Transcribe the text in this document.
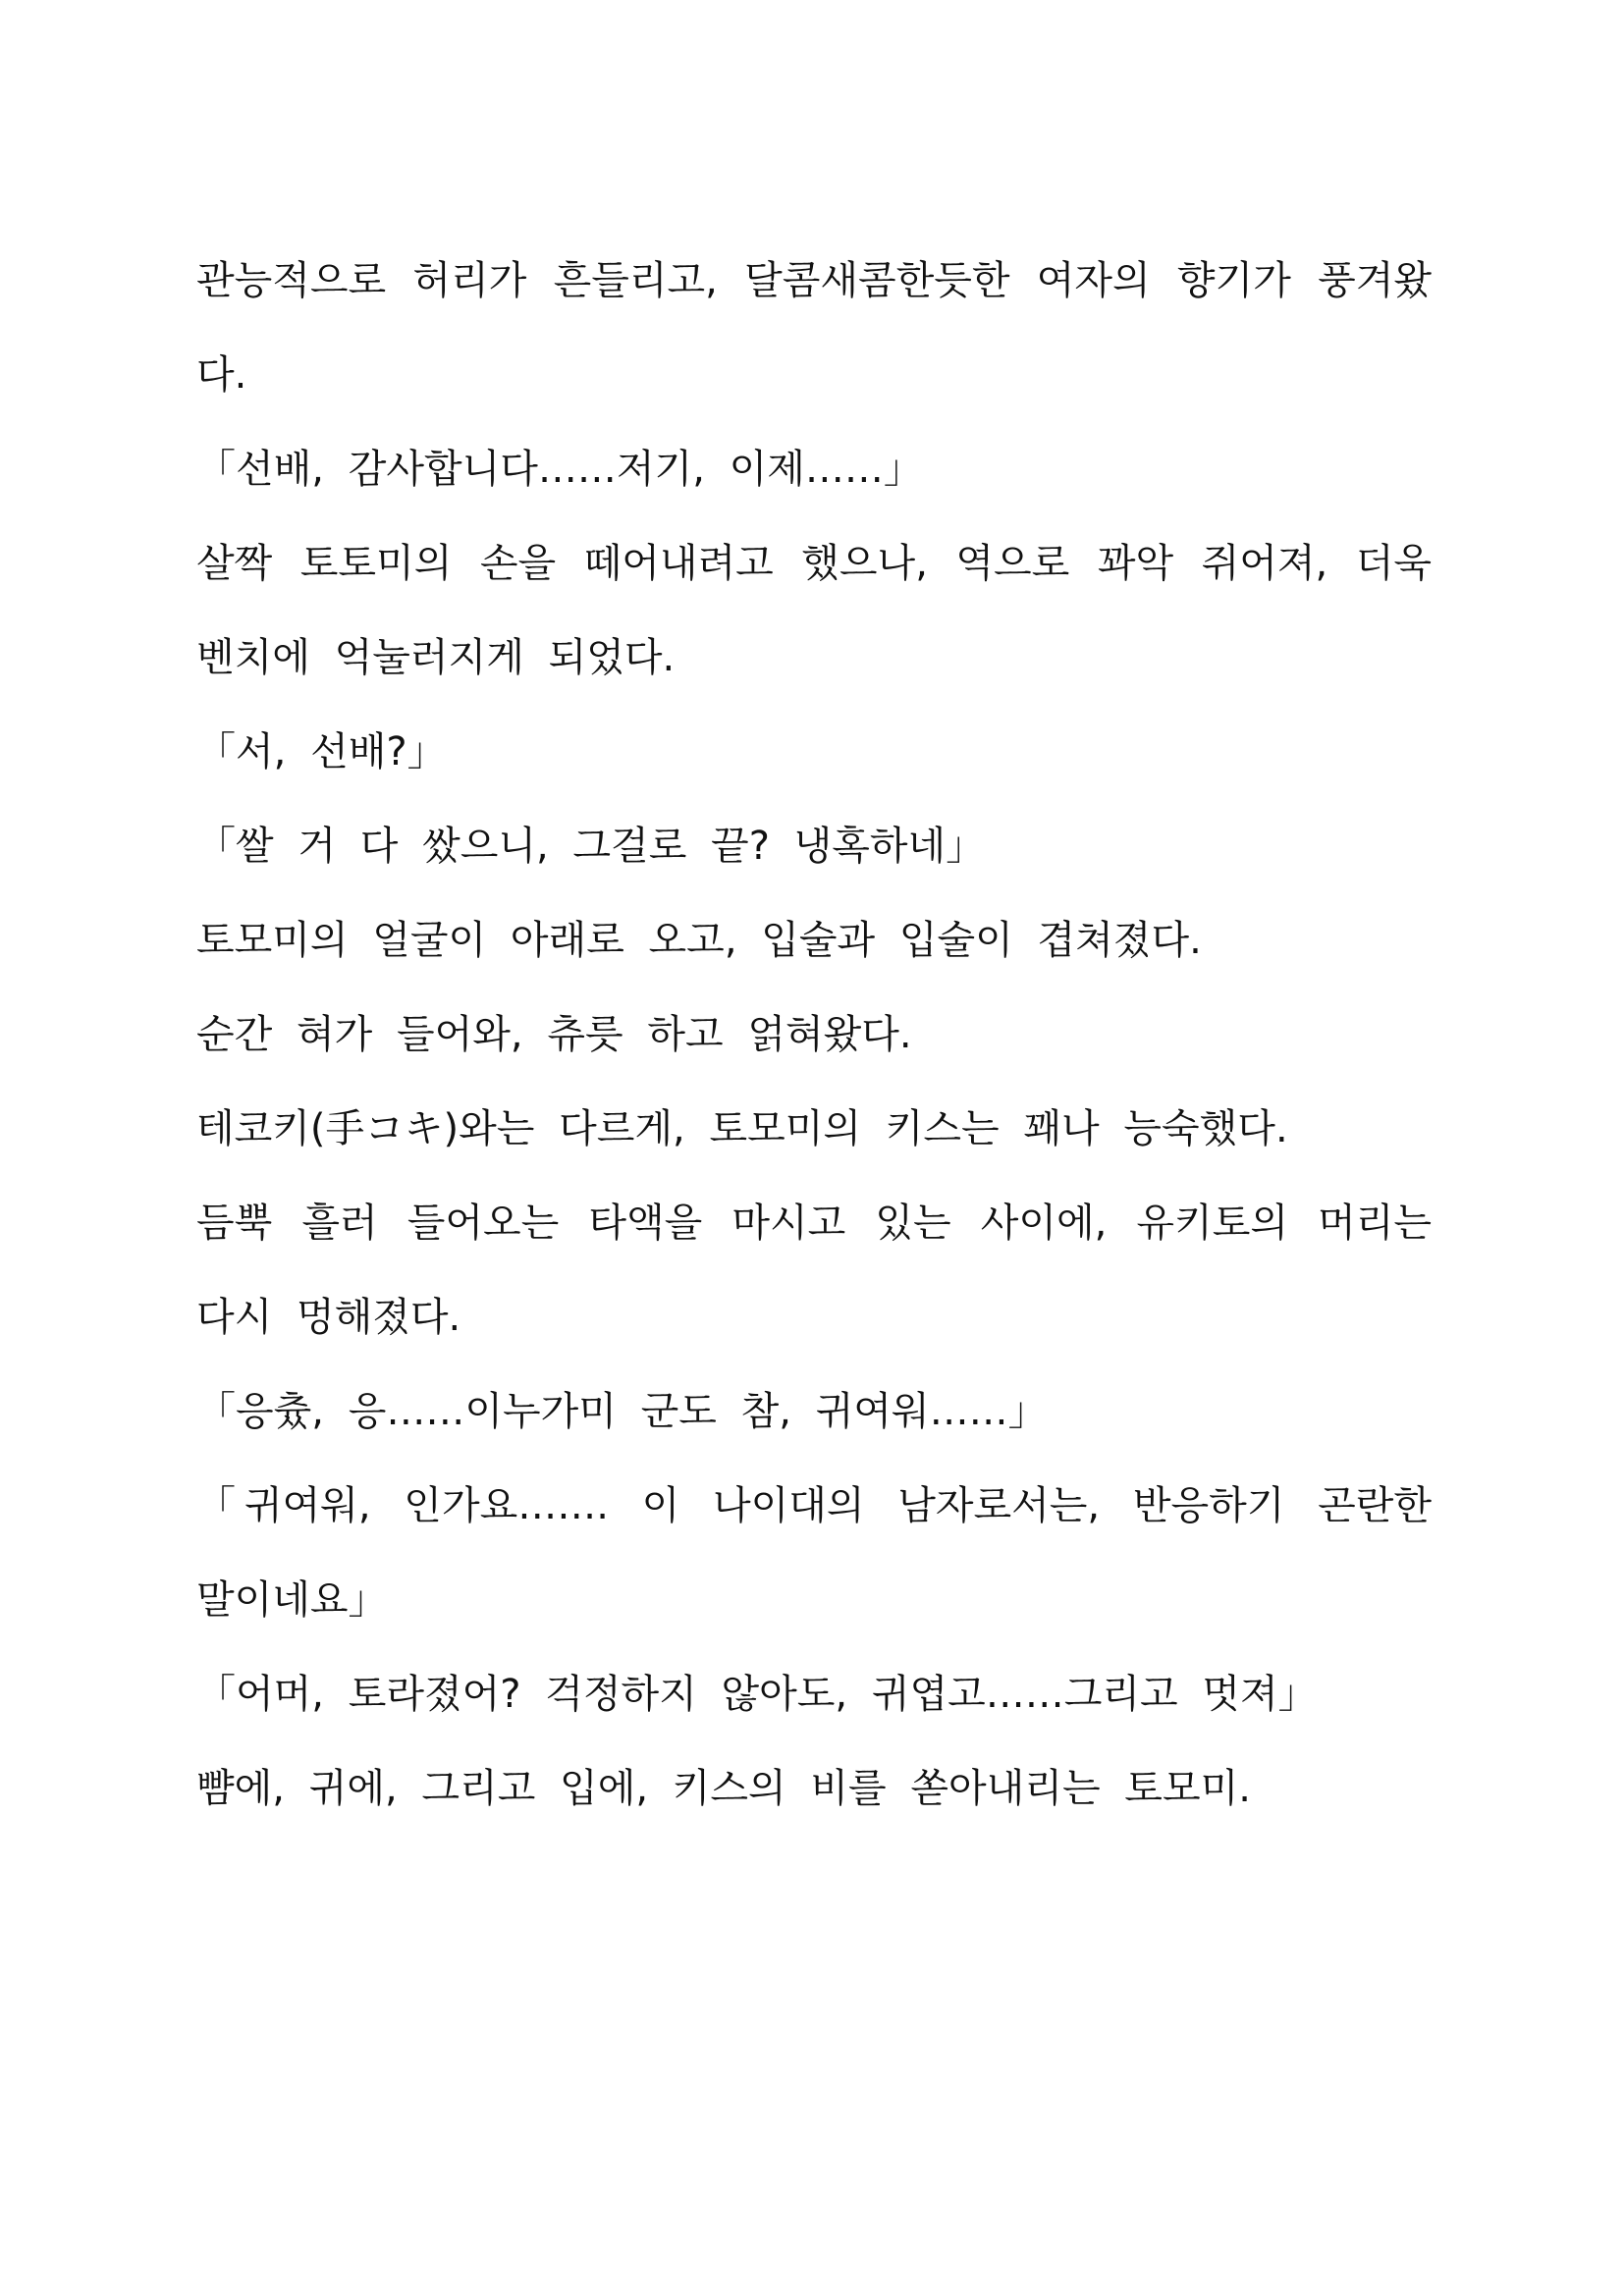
관능적으로 허리가 흔들리고, 달콤새콤한듯한 여자의 향기가 풍겨왔다.

「선배, 감사합니다……저기, 이제……」

살짝 토토미의 손을 떼어내려고 했으나, 역으로 꽈악 쥐어져, 더욱 벤치에 억눌러지게 되었다.

「서, 선배?」

「쌀 거 다 쌌으니, 그걸로 끝? 냉혹하네」

토모미의 얼굴이 아래로 오고, 입술과 입술이 겹쳐졌다.

순간 혀가 들어와, 츄릇 하고 얽혀왔다.

테코키(手コキ)와는 다르게, 토모미의 키스는 꽤나 능숙했다.

듬뿍 흘러 들어오는 타액을 마시고 있는 사이에, 유키토의 머리는 다시 멍해졌다.

「응츘, 응……이누가미 군도 참, 귀여워……」

「귀여워, 인가요……. 이 나이대의 남자로서는, 반응하기 곤란한 말이네요」

「어머, 토라졌어? 걱정하지 않아도, 귀엽고……그리고 멋져」

뺨에, 귀에, 그리고 입에, 키스의 비를 쏟아내리는 토모미.
